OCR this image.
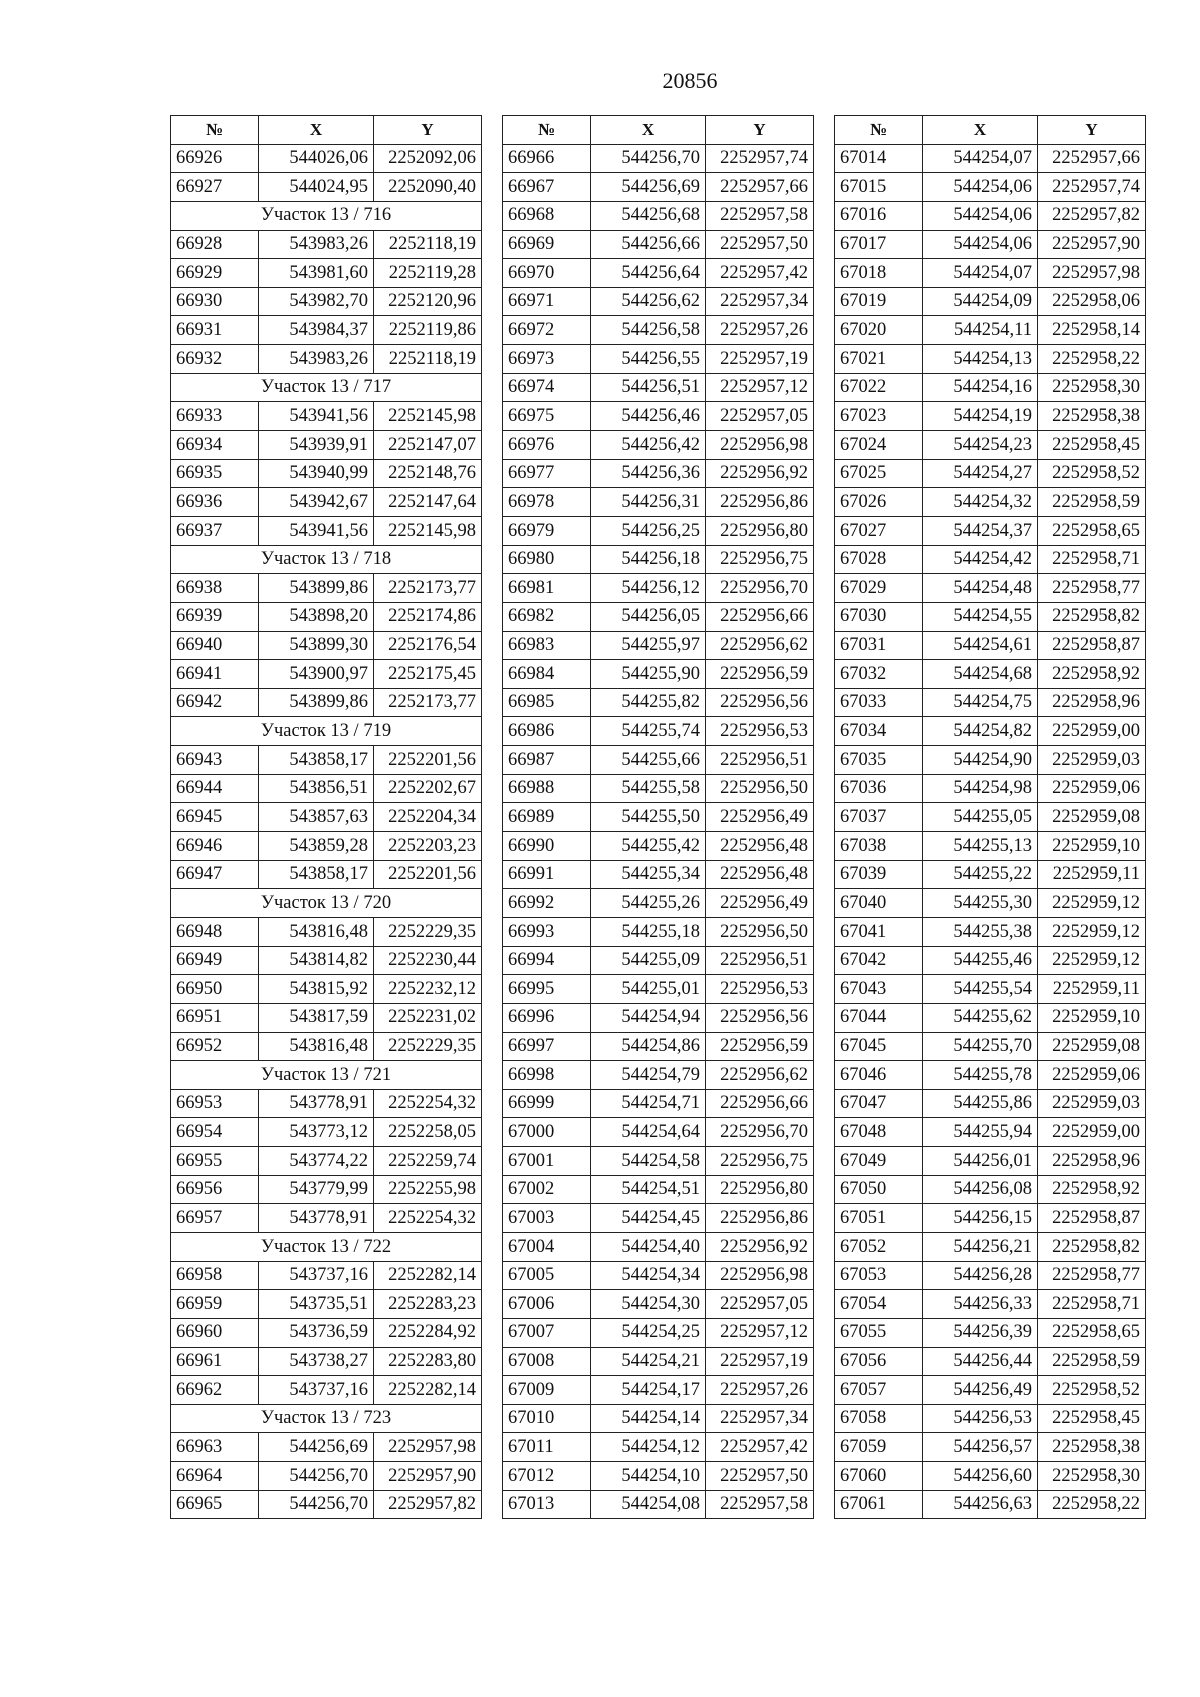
20856
№	X	Y
66926	544026,06	2252092,06
66927	544024,95	2252090,40
Участок 13 / 716		
66928	543983,26	2252118,19
66929	543981,60	2252119,28
66930	543982,70	2252120,96
66931	543984,37	2252119,86
66932	543983,26	2252118,19
Участок 13 / 717		
66933	543941,56	2252145,98
66934	543939,91	2252147,07
66935	543940,99	2252148,76
66936	543942,67	2252147,64
66937	543941,56	2252145,98
Участок 13 / 718		
66938	543899,86	2252173,77
66939	543898,20	2252174,86
66940	543899,30	2252176,54
66941	543900,97	2252175,45
66942	543899,86	2252173,77
Участок 13 / 719		
66943	543858,17	2252201,56
66944	543856,51	2252202,67
66945	543857,63	2252204,34
66946	543859,28	2252203,23
66947	543858,17	2252201,56
Участок 13 / 720		
66948	543816,48	2252229,35
66949	543814,82	2252230,44
66950	543815,92	2252232,12
66951	543817,59	2252231,02
66952	543816,48	2252229,35
Участок 13 / 721		
66953	543778,91	2252254,32
66954	543773,12	2252258,05
66955	543774,22	2252259,74
66956	543779,99	2252255,98
66957	543778,91	2252254,32
Участок 13 / 722		
66958	543737,16	2252282,14
66959	543735,51	2252283,23
66960	543736,59	2252284,92
66961	543738,27	2252283,80
66962	543737,16	2252282,14
Участок 13 / 723		
66963	544256,69	2252957,98
66964	544256,70	2252957,90
66965	544256,70	2252957,82
№	X	Y
66966	544256,70	2252957,74
66967	544256,69	2252957,66
66968	544256,68	2252957,58
66969	544256,66	2252957,50
66970	544256,64	2252957,42
66971	544256,62	2252957,34
66972	544256,58	2252957,26
66973	544256,55	2252957,19
66974	544256,51	2252957,12
66975	544256,46	2252957,05
66976	544256,42	2252956,98
66977	544256,36	2252956,92
66978	544256,31	2252956,86
66979	544256,25	2252956,80
66980	544256,18	2252956,75
66981	544256,12	2252956,70
66982	544256,05	2252956,66
66983	544255,97	2252956,62
66984	544255,90	2252956,59
66985	544255,82	2252956,56
66986	544255,74	2252956,53
66987	544255,66	2252956,51
66988	544255,58	2252956,50
66989	544255,50	2252956,49
66990	544255,42	2252956,48
66991	544255,34	2252956,48
66992	544255,26	2252956,49
66993	544255,18	2252956,50
66994	544255,09	2252956,51
66995	544255,01	2252956,53
66996	544254,94	2252956,56
66997	544254,86	2252956,59
66998	544254,79	2252956,62
66999	544254,71	2252956,66
67000	544254,64	2252956,70
67001	544254,58	2252956,75
67002	544254,51	2252956,80
67003	544254,45	2252956,86
67004	544254,40	2252956,92
67005	544254,34	2252956,98
67006	544254,30	2252957,05
67007	544254,25	2252957,12
67008	544254,21	2252957,19
67009	544254,17	2252957,26
67010	544254,14	2252957,34
67011	544254,12	2252957,42
67012	544254,10	2252957,50
67013	544254,08	2252957,58
№	X	Y
67014	544254,07	2252957,66
67015	544254,06	2252957,74
67016	544254,06	2252957,82
67017	544254,06	2252957,90
67018	544254,07	2252957,98
67019	544254,09	2252958,06
67020	544254,11	2252958,14
67021	544254,13	2252958,22
67022	544254,16	2252958,30
67023	544254,19	2252958,38
67024	544254,23	2252958,45
67025	544254,27	2252958,52
67026	544254,32	2252958,59
67027	544254,37	2252958,65
67028	544254,42	2252958,71
67029	544254,48	2252958,77
67030	544254,55	2252958,82
67031	544254,61	2252958,87
67032	544254,68	2252958,92
67033	544254,75	2252958,96
67034	544254,82	2252959,00
67035	544254,90	2252959,03
67036	544254,98	2252959,06
67037	544255,05	2252959,08
67038	544255,13	2252959,10
67039	544255,22	2252959,11
67040	544255,30	2252959,12
67041	544255,38	2252959,12
67042	544255,46	2252959,12
67043	544255,54	2252959,11
67044	544255,62	2252959,10
67045	544255,70	2252959,08
67046	544255,78	2252959,06
67047	544255,86	2252959,03
67048	544255,94	2252959,00
67049	544256,01	2252958,96
67050	544256,08	2252958,92
67051	544256,15	2252958,87
67052	544256,21	2252958,82
67053	544256,28	2252958,77
67054	544256,33	2252958,71
67055	544256,39	2252958,65
67056	544256,44	2252958,59
67057	544256,49	2252958,52
67058	544256,53	2252958,45
67059	544256,57	2252958,38
67060	544256,60	2252958,30
67061	544256,63	2252958,22
